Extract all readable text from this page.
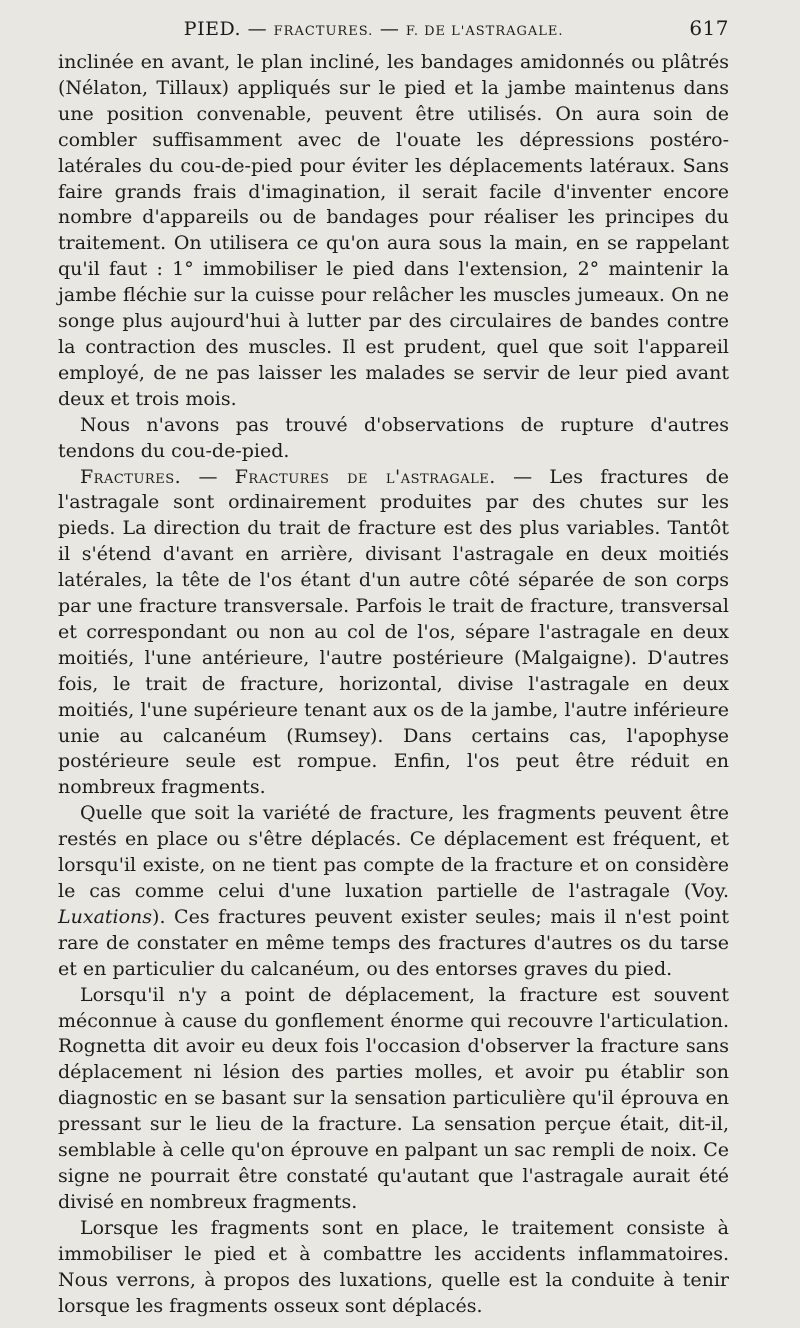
PIED. — FRACTURES. — F. DE L'ASTRAGALE.	617

inclinée en avant, le plan incliné, les bandages amidonnés ou plâtrés (Nélaton, Tillaux) appliqués sur le pied et la jambe maintenus dans une position convenable, peuvent être utilisés. On aura soin de combler suffisamment avec de l'ouate les dépressions postéro-latérales du cou-de-pied pour éviter les déplacements latéraux. Sans faire grands frais d'imagination, il serait facile d'inventer encore nombre d'appareils ou de bandages pour réaliser les principes du traitement. On utilisera ce qu'on aura sous la main, en se rappelant qu'il faut : 1° immobiliser le pied dans l'extension, 2° maintenir la jambe fléchie sur la cuisse pour relâcher les muscles jumeaux. On ne songe plus aujourd'hui à lutter par des circulaires de bandes contre la contraction des muscles. Il est prudent, quel que soit l'appareil employé, de ne pas laisser les malades se servir de leur pied avant deux et trois mois.

Nous n'avons pas trouvé d'observations de rupture d'autres tendons du cou-de-pied.

Fractures. — Fractures de l'astragale. — Les fractures de l'astragale sont ordinairement produites par des chutes sur les pieds. La direction du trait de fracture est des plus variables. Tantôt il s'étend d'avant en arrière, divisant l'astragale en deux moitiés latérales, la tête de l'os étant d'un autre côté séparée de son corps par une fracture transversale. Parfois le trait de fracture, transversal et correspondant ou non au col de l'os, sépare l'astragale en deux moitiés, l'une antérieure, l'autre postérieure (Malgaigne). D'autres fois, le trait de fracture, horizontal, divise l'astragale en deux moitiés, l'une supérieure tenant aux os de la jambe, l'autre inférieure unie au calcanéum (Rumsey). Dans certains cas, l'apophyse postérieure seule est rompue. Enfin, l'os peut être réduit en nombreux fragments.

Quelle que soit la variété de fracture, les fragments peuvent être restés en place ou s'être déplacés. Ce déplacement est fréquent, et lorsqu'il existe, on ne tient pas compte de la fracture et on considère le cas comme celui d'une luxation partielle de l'astragale (Voy. Luxations). Ces fractures peuvent exister seules; mais il n'est point rare de constater en même temps des fractures d'autres os du tarse et en particulier du calcanéum, ou des entorses graves du pied.

Lorsqu'il n'y a point de déplacement, la fracture est souvent méconnue à cause du gonflement énorme qui recouvre l'articulation. Rognetta dit avoir eu deux fois l'occasion d'observer la fracture sans déplacement ni lésion des parties molles, et avoir pu établir son diagnostic en se basant sur la sensation particulière qu'il éprouva en pressant sur le lieu de la fracture. La sensation perçue était, dit-il, semblable à celle qu'on éprouve en palpant un sac rempli de noix. Ce signe ne pourrait être constaté qu'autant que l'astragale aurait été divisé en nombreux fragments.

Lorsque les fragments sont en place, le traitement consiste à immobiliser le pied et à combattre les accidents inflammatoires. Nous verrons, à propos des luxations, quelle est la conduite à tenir lorsque les fragments osseux sont déplacés.
